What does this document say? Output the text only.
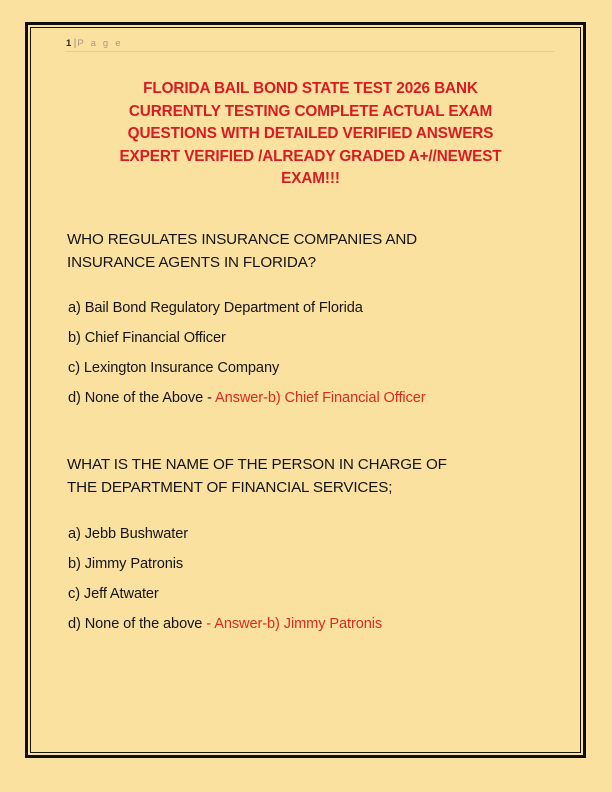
1 |P a g e
FLORIDA BAIL BOND STATE TEST 2026 BANK
CURRENTLY TESTING COMPLETE ACTUAL EXAM
QUESTIONS WITH DETAILED VERIFIED ANSWERS
EXPERT VERIFIED /ALREADY GRADED A+//NEWEST
EXAM!!!
WHO REGULATES INSURANCE COMPANIES AND
INSURANCE AGENTS IN FLORIDA?
a) Bail Bond Regulatory Department of Florida
b) Chief Financial Officer
c) Lexington Insurance Company
d) None of the Above - Answer-b) Chief Financial Officer
WHAT IS THE NAME OF THE PERSON IN CHARGE OF
THE DEPARTMENT OF FINANCIAL SERVICES;
a) Jebb Bushwater
b) Jimmy Patronis
c) Jeff Atwater
d) None of the above - Answer-b) Jimmy Patronis
